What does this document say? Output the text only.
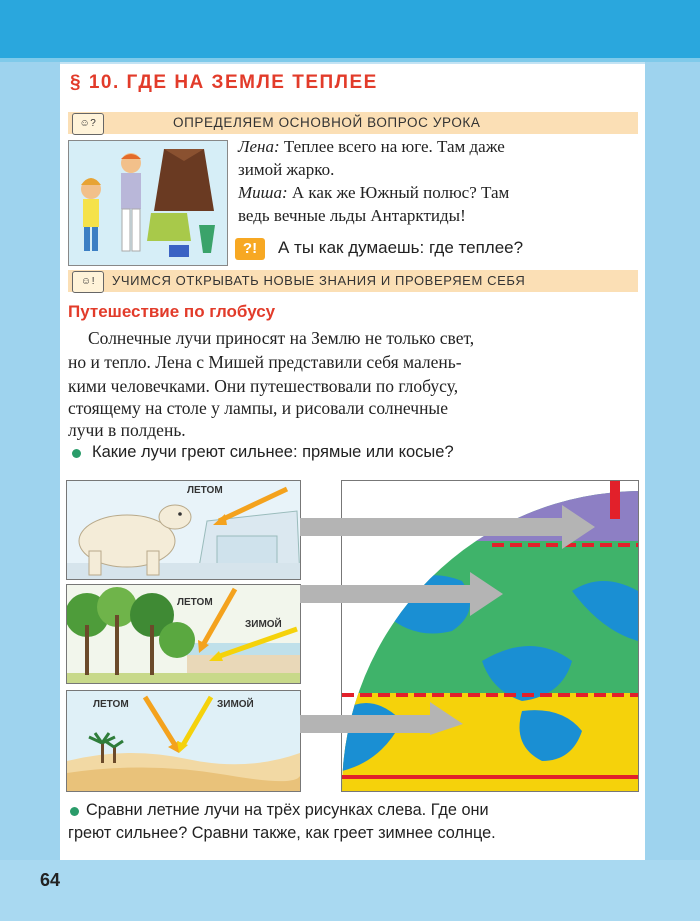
§ 10. ГДЕ НА ЗЕМЛЕ ТЕПЛЕЕ
☺?	ОПРЕДЕЛЯЕМ ОСНОВНОЙ ВОПРОС УРОКА
Лена: Теплее всего на юге. Там даже
зимой жарко.
Миша: А как же Южный полюс? Там
ведь вечные льды Антарктиды!
?!	А ты как думаешь: где теплее?
☺!	УЧИМСЯ ОТКРЫВАТЬ НОВЫЕ ЗНАНИЯ И ПРОВЕРЯЕМ СЕБЯ
Путешествие по глобусу
Солнечные лучи приносят на Землю не только свет,
но и тепло. Лена с Мишей представили себя малень-
кими человечками. Они путешествовали по глобусу,
стоящему на столе у лампы, и рисовали солнечные
лучи в полдень.
Какие лучи греют сильнее: прямые или косые?
ЛЕТОМ
ЛЕТОМ
ЗИМОЙ
ЛЕТОМ	ЗИМОЙ
Сравни летние лучи на трёх рисунках слева. Где они
греют сильнее? Сравни также, как греет зимнее солнце.
64
